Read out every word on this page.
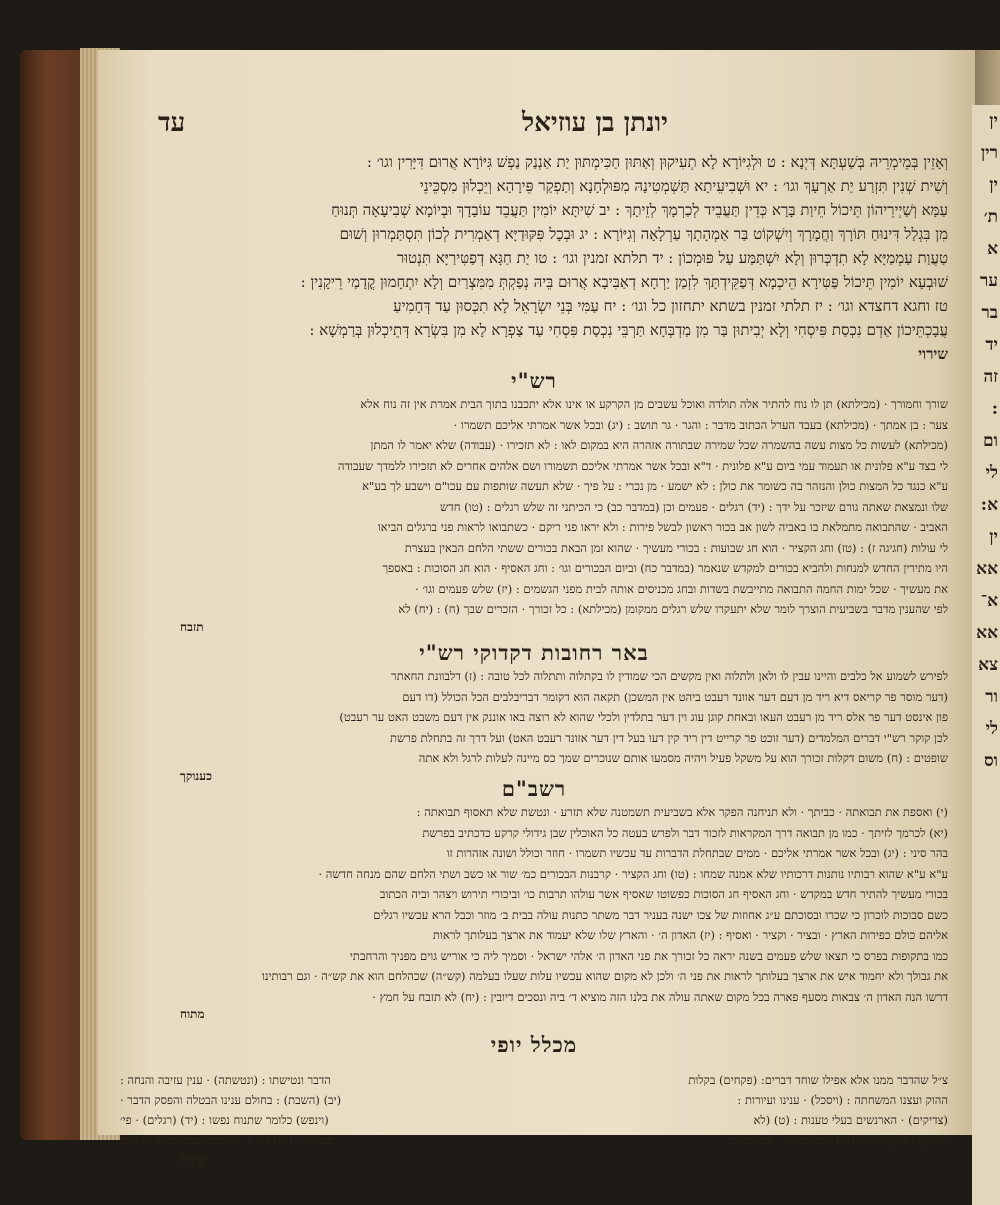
יונתן בן עוזיאל
עד
וְאָזֵין בְּמֵימְרֵיהּ בְּשַׁעְתָּא דְּיְנָא : ט וּלְגִיּוֹרָא לָא תְעִיקוּן וְאַתּוּן חַכִּימְתּוּן יַת אַנְנַק נַפְשׁ גִּיּוֹרָא אֲרוּם דִּיָּרִין וגו׳ :
וְשִׁית שְׁנִין תִּזְרַע יַת אַרְעָךְ וגו׳ : יא וּשְׁבִיעֵיתָא תַּשְׁמְטִינָהּ מִפּוּלְחָנָא וְתַפְקַר פֵּירָהָא וְיֵכְלוּן מִסְכֵּינֵי
עַמָּא וְשַׁיְירֵיהוֹן תֵּיכוֹל חֵיוַת בָּרָא כְּדֵין תַּעֲבֵיד לְכַרְמָךְ לְזֵיתָךְ : יב שִׁיתָּא יוֹמִין תַּעֲבֵד עוֹבָדָךְ וּבְיוֹמָא שְׁבִיעָאָה תְּנוּחַ
מִן בִּגְלַל דִּינוּחַ תּוֹרָךְ וַחֲמָרָךְ וְיִשְׁקוֹט בַּר אַמְהָתָךְ עַרְלָאָה וְגִיּוֹרָא : יג וּבְכָל פִּקּוּדַיָּא דְאַמְרִית לְכוֹן תִּסְתַּמְרוּן וְשׁוּם
טַעֲוַת עַמְמַיָּא לָא תִדְכְּרוּן וְלָא יִשְׁתַּמַּע עַל פּוּמְכוֹן : יד תלתא זמנין וגו׳ : טו יַת חַגָּא דְפַטִּירַיָּא תִּנְטוּר
שׁוּבְעָא יוֹמִין תֵּיכוֹל פַּטִּירָא הֵיכְמָא דְּפַקֵּידְתָּךְ לִזְמַן יַרְחָא דְאַבִּיבָא אֲרוּם בֵּיהּ נְפַקְתְּ מִמִּצְרַיִם וְלָא יִתְחָמוּן קֳדָמַי רֵיקָנִין :
טז וחגא דחצדא וגו׳ : יז תלתי זמנין בשתא יתחזון כל וגו׳ : יח עַמִּי בְּנֵי יִשְׂרָאֵל לָא תִכְּסוּן עַד דְּחָמִיעַ
עֲבָכְתֵּיכוֹן אַדְם נִכְסַת פִּיסְחִי וְלָא יְבִיתוּן בַּר מִן מַדְבְּחָא תַּרְבֵּי נִכְסַת פִּסְחִי עַד צַפְרָא לָא מִן בִּשְׂרָא דְּתֵיכְלוּן בְּרַמְשָׁא :
שירוי
רש"י
שורך וחמורך · (מכילתא) תן לו נוח להתיר אלה תולדה ואוכל עשבים מן הקרקע או אינו אלא יתכבנו בתוך הבית אמרת אין זה נוח אלא
צער : בן אמתך · (מכילתא) בעבד הערל הכתוב מדבר : והגר · גר תושב : (יג) ובכל אשר אמרתי אליכם תשמרו ·
(מכילתא) לעשות כל מצות עשה בהשמרה שכל שמירה שבתורה אזהרה היא במקום לאו : לא תזכירו · (עבודה) שלא יאמר לו המתן
לי בצד ע"א פלונית או תעמוד עמי ביום ע"א פלונית · ד"א ובכל אשר אמרתי אליכם תשמורו ושם אלהים אחרים לא תזכירו ללמדך שעבודה
ע"א כנגד כל המצות כולן והנזהר בה כשומר את כולן : לא ישמע · מן נכרי : על פיך · שלא תעשה שותפות עם עכו"ם וישבע לך בע"א
שלו ונמצאת שאתה גורם שיזכר על ידך : (יד) רגלים · פעמים וכן (במדבר כב) כי הכיתני זה שלש רגלים : (טו) חדש
האביב · שהתבואה מתמלאת בו באביה לשון אב בכור ראשון לבשל פירות : ולא יראו פני ריקם · כשתבואו לראות פני ברגלים הביאו
לי עולות (חגיגה ז) : (טז) וחג הקציר · הוא חג שבועות : בכורי מעשיך · שהוא זמן הבאת בכורים ששתי הלחם הבאין בעצרת
היו מתירין החדש למנחות ולהביא בכורים למקדש שנאמר (במדבר כח) וביום הבכורים וגו׳ : וחג האסיף · הוא חג הסוכות : באספך
את מעשיך · שכל ימות החמה התבואה מתייבשת בשדות ובחג מכניסים אותה לבית מפני הגשמים : (יז) שלש פעמים וגו׳ ·
לפי שהענין מדבר בשביעית הוצרך לומר שלא יתעקרו שלש רגלים ממקומן (מכילתא) : כל זכורך · הזכרים שבך (ח) : (יח) לא
תזבח
באר רחובות דקדוקי רש"י
לפירש לשמוע אל כלבים והיינו עבין לו ולאן ולתלוה ואין מקשים הכי שמודין לו בקתלוה ותתלוה לכל טובה : (ז) דלבוונת החאתר
(דער מוסר פר קריאס דיא ריד מן דעם דער אוונד רעבט ביהט אין המשכן) תקאה הוא דקומר דבריבלבים הכל הכולל (דו דעם
פון אינסט דער פר אלס ריד מן רעבט העאו ובאחת קוגן עוג וין דער בתלדין ולכלי שהוא לא רוצה באו אוננק אין דעם משבט האט ער רעבט)
לכן קוקר רש"י דברים המלמדים (דער זוכט פר קרייט דין ריד קין דעו בעל דין דער אזונד רעבט האט) ועל דרך זה בתחלת פרשת
שופטים : (ח) משום דקלות זכורך הוא על משקל פעיל ויהיה מסמעו אותם שנוכרים שמך כס מיינה לעלות לרגל ולא אתה
כענוקך
רשב"ם
(י) ואספת את תבואתה · כביתך · ולא תניחנה הפקר אלא בשביעית תשמטנה שלא תזרע · ונטשת שלא תאסוף תבואתה :
(יא) לכרמך לזיתך · כמו מן תבואה דרך המקראות לזכור דבר ולפרש בעטה כל האוכלין שבן גידולי קרקע כדכתיב בפרשת
בהר סיני : (יג) ובכל אשר אמרתי אליכם · ממים שבתחלת הדברות עד עכשיו תשמרו · חוזר וכולל ושונה אזהרות זו
ע"א ע"א שהוא רבותיו נותנות דרכותיו שלא אמנה שמחו : (טו) וחג הקציר · קרבנות הבכורים כמ׳ שור או כשב ושתי הלחם שהם מנחה חדשה ·
בכורי מעשיך להתיר חדש במקדש · וחג האסיף חג הסוכות כפשוטו שאסיף אשר עולהו תרבות כו׳ וביכורי תירוש ויצהר וביה הכתוב
כשם סבוכות לוכרון כי שכרו ובסוכתם ע״ג אחוזות של צכו ישנה בעניר דבר משתר כתנות עולה בבית ב׳ מוזר וכבל הרא עכשיו רגלים
אליהם כולם כפירות הארץ · ובציר · וקציר · ואסיף : (יז) האדון ה׳ · והארץ שלו שלא יעמוד את ארצך בעלותך לראות
כמו בתקופות בפרס כי תצאו שלש פעמים בשנה יראה כל זכורך את פני האדון ה׳ אלהי ישראל · וסמיך ליה כי אוריש גוים מפניך והרחבתי
את גבולך ולא יחמוד איש את ארצך בעלותך לראות את פני ה׳ ולכן לא מקום שהוא עכשיו עלות שעלו בעלמה (קש״ה) שכהלחם הוא את קש״ה · וגם רבותינו
דרשו הנה האדון ה׳ צבאות מסעף פארה בכל מקום שאתה עולה את בלנו הזה מוציא ד׳ ביה ונסכים דיובין : (יח) לא תזבח על חמץ ·
מתוח
מכלל יופי
צ״ל שהדבר ממנו אלא אפילו שוחד דברים: (פקחים) בקלות
הדבר ונטישתו : (ונטשתה) · ענין עזיבה והנחה :
ההוק ועצנו המשחתה : (ויסכל) · ענינו ועיורות :
(יב) (השבת) : בחולם ענינו הבטלה והפסק הדבר ·
(צדיקים) · הארנשים בעלי טענות : (ט) (לא
(וינפש) כלומר שתנוח נפשו : (יד) (רגלים) · פי׳
תלחץ) · ענין דוחק : (יא) (תשמטנה) · ענין עזיבת
פעמים : (יח) (חג׳) · הקרבן ועצמי נקרא כן ע״ש
שקרל
ין
רין
ין
ת׳
א
ער
בר
יד
זה
:
ום
לי
א:
ין
אא
א־
אא
צא
ור
לי
וס
